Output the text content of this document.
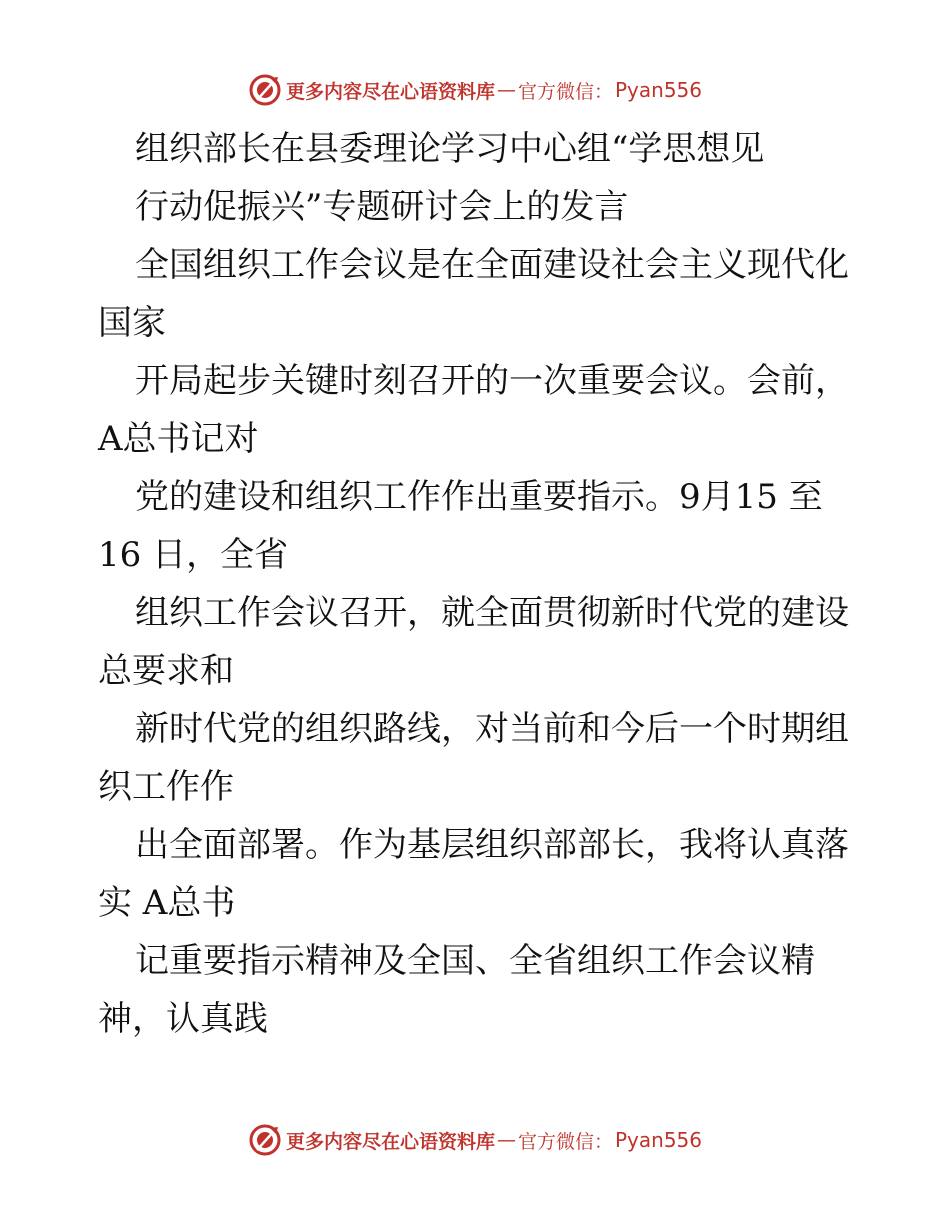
更多内容尽在心语资料库 — 官方微信： Pyan556
组织部长在县委理论学习中心组“学思想见
行动促振兴”专题研讨会上的发言
全国组织工作会议是在全面建设社会主义现代化
国家
开局起步关键时刻召开的一次重要会议。会前，
A总书记对
党的建设和组织工作作出重要指示。9月15 至
16 日，全省
组织工作会议召开，就全面贯彻新时代党的建设
总要求和
新时代党的组织路线，对当前和今后一个时期组
织工作作
出全面部署。作为基层组织部部长，我将认真落
实 A总书
记重要指示精神及全国、全省组织工作会议精
神，认真践
更多内容尽在心语资料库 — 官方微信： Pyan556
